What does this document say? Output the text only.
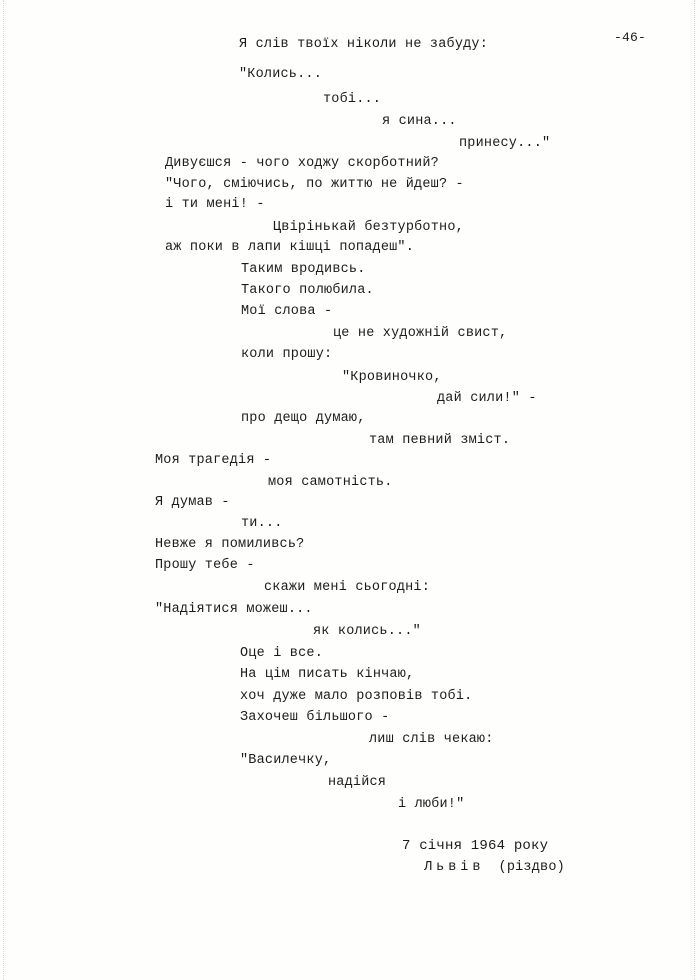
-46-
Я слів твоїх ніколи не забуду:
"Колись...
тобі...
я сина...
принесу..."
Дивуєшся - чого ходжу скорботний?
"Чого, сміючись, по життю не йдеш? -
і ти мені! -
Цвірінькай безтурботно,
аж поки в лапи кішці попадеш".
Таким вродивсь.
Такого полюбила.
Мої слова -
це не художній свист,
коли прошу:
"Кровиночко,
дай сили!" -
про дещо думаю,
там певний зміст.
Моя трагедія -
моя самотність.
Я думав -
ти...
Невже я помиливсь?
Прошу тебе -
скажи мені сьогодні:
"Надіятися можеш...
як колись..."
Оце і все.
На цім писать кінчаю,
хоч дуже мало розповів тобі.
Захочеш більшого -
лиш слів чекаю:
"Василечку,
надійся
і люби!"
7 січня 1964 року
Львів (різдво)
